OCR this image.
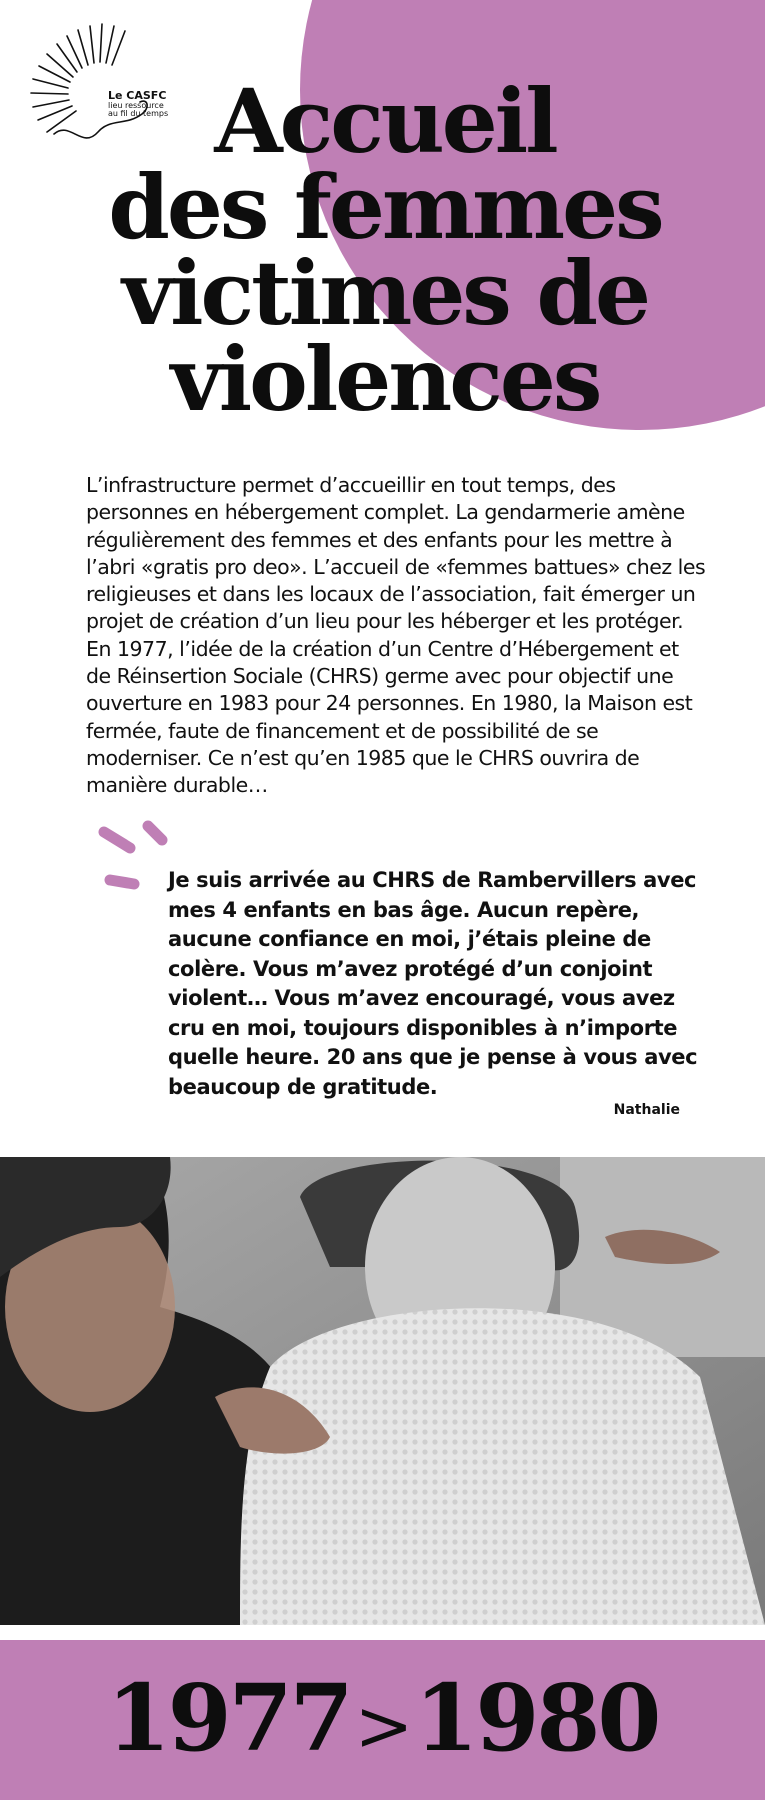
Le CASFC
lieu ressource
au fil du temps Accueil
des femmes
victimes de
violences

L’infrastructure permet d’accueillir en tout temps, des personnes en hébergement complet. La gendarmerie amène régulièrement des femmes et des enfants pour les mettre à l’abri «gratis pro deo». L’accueil de «femmes battues» chez les religieuses et dans les locaux de l’association, fait émerger un projet de création d’un lieu pour les héberger et les protéger. En 1977, l’idée de la création d’un Centre d’Hébergement et de Réinsertion Sociale (CHRS) germe avec pour objectif une ouverture en 1983 pour 24 personnes. En 1980, la Maison est fermée, faute de financement et de possibilité de se moderniser. Ce n’est qu’en 1985 que le CHRS ouvrira de manière durable…

Je suis arrivée au CHRS de Rambervillers avec mes 4 enfants en bas âge. Aucun repère, aucune confiance en moi, j’étais pleine de colère. Vous m’avez protégé d’un conjoint violent… Vous m’avez encouragé, vous avez cru en moi, toujours disponibles à n’importe quelle heure. 20 ans que je pense à vous avec beaucoup de gratitude.

Nathalie
1977>1980
